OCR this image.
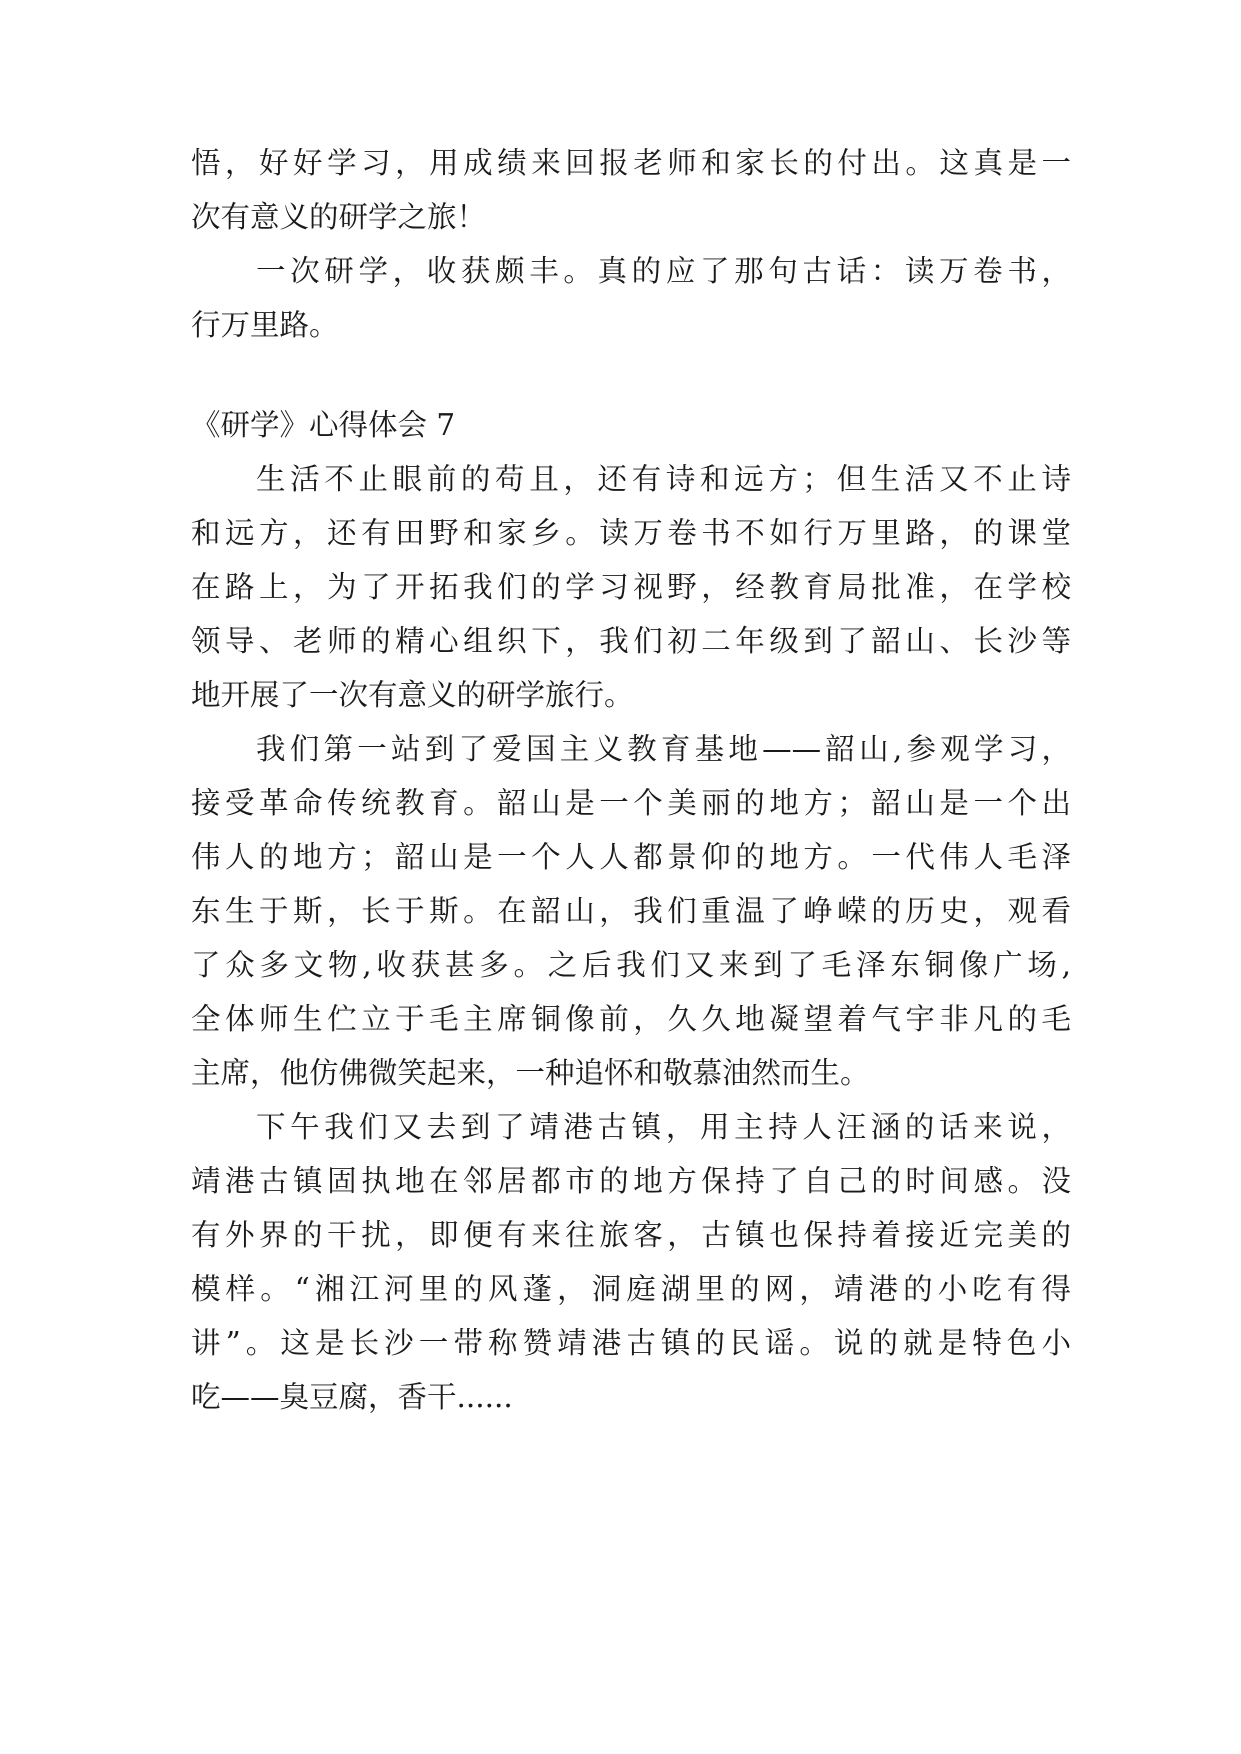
悟，好好学习，用成绩来回报老师和家长的付出。这真是一
次有意义的研学之旅！
一次研学，收获颇丰。真的应了那句古话：读万卷书，
行万里路。
《研学》心得体会 7
生活不止眼前的苟且，还有诗和远方；但生活又不止诗
和远方，还有田野和家乡。读万卷书不如行万里路，的课堂
在路上，为了开拓我们的学习视野，经教育局批准，在学校
领导、老师的精心组织下，我们初二年级到了韶山、长沙等
地开展了一次有意义的研学旅行。
我们第一站到了爱国主义教育基地——韶山,参观学习，
接受革命传统教育。韶山是一个美丽的地方；韶山是一个出
伟人的地方；韶山是一个人人都景仰的地方。一代伟人毛泽
东生于斯，长于斯。在韶山，我们重温了峥嵘的历史，观看
了众多文物,收获甚多。之后我们又来到了毛泽东铜像广场,
全体师生伫立于毛主席铜像前，久久地凝望着气宇非凡的毛
主席，他仿佛微笑起来，一种追怀和敬慕油然而生。
下午我们又去到了靖港古镇，用主持人汪涵的话来说，
靖港古镇固执地在邻居都市的地方保持了自己的时间感。没
有外界的干扰，即便有来往旅客，古镇也保持着接近完美的
模样。“湘江河里的风蓬，洞庭湖里的网，靖港的小吃有得
讲”。这是长沙一带称赞靖港古镇的民谣。说的就是特色小
吃——臭豆腐，香干......
